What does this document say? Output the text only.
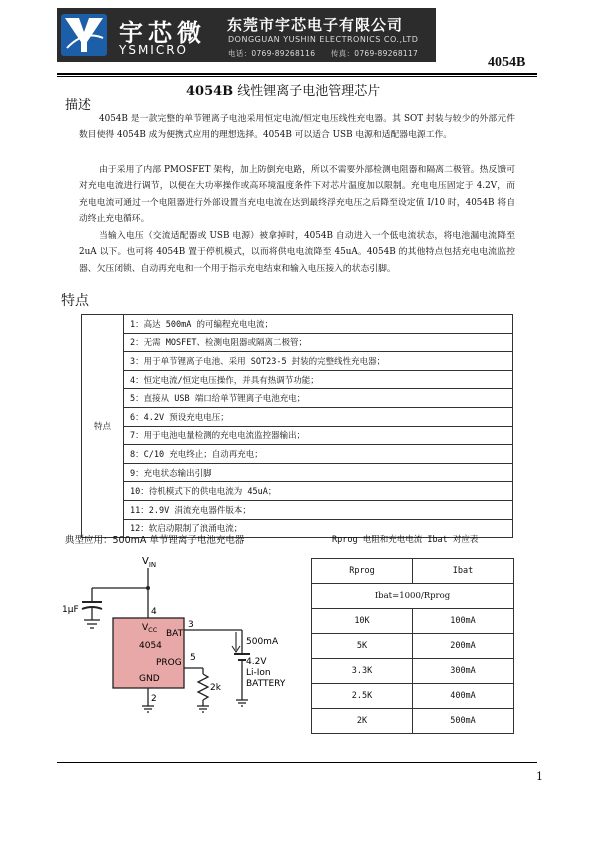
宇芯微
YSMICRO
东莞市宇芯电子有限公司
DONGGUAN YUSHIN ELECTRONICS CO.,LTD
电话：0769-89268116　　传真：0769-89268117
4054B
4054B 线性锂离子电池管理芯片
描述
4054B 是一款完整的单节锂离子电池采用恒定电流/恒定电压线性充电器。其 SOT 封装与较少的外部元件数目使得 4054B 成为便携式应用的理想选择。4054B 可以适合 USB 电源和适配器电源工作。
由于采用了内部 PMOSFET 架构，加上防倒充电路，所以不需要外部检测电阻器和隔离二极管。热反馈可对充电电流进行调节，以便在大功率操作或高环境温度条件下对芯片温度加以限制。充电电压固定于 4.2V，而充电电流可通过一个电阻器进行外部设置当充电电流在达到最终浮充电压之后降至设定值 I/10 时，4054B 将自动终止充电循环。
当输入电压（交流适配器或 USB 电源）被拿掉时，4054B 自动进入一个低电流状态，将电池漏电流降至 2uA 以下。也可将 4054B 置于停机模式，以而将供电电流降至 45uA。4054B 的其他特点包括充电电流监控器、欠压闭锁、自动再充电和一个用于指示充电结束和输入电压接入的状态引脚。
特点
特点	1：高达 500mA 的可编程充电电流；
2：无需 MOSFET、检测电阻器或隔离二极管；
3：用于单节锂离子电池、采用 SOT23-5 封装的完整线性充电器；
4：恒定电流/恒定电压操作，并具有热调节功能；
5：直接从 USB 端口给单节锂离子电池充电；
6：4.2V 预设充电电压；
7：用于电池电量检测的充电电流监控器输出；
8：C/10 充电终止；自动再充电；
9：充电状态输出引脚
10：待机模式下的供电电流为 45uA；
11：2.9V 涓流充电器件版本；
12：软启动限制了浪涌电流；
典型应用：500mA 单节锂离子电池充电器	Rprog 电阻和充电电流 Ibat 对应表
$V_{IN}$
1µF	4
$V_{CC}$
4054
BAT
PROG
GND
3
500mA
4.2V
Li-Ion
BATTERY
5
2k
2
Rprog	Ibat
Ibat=1000/Rprog	
10K	100mA
5K	200mA
3.3K	300mA
2.5K	400mA
2K	500mA
1
